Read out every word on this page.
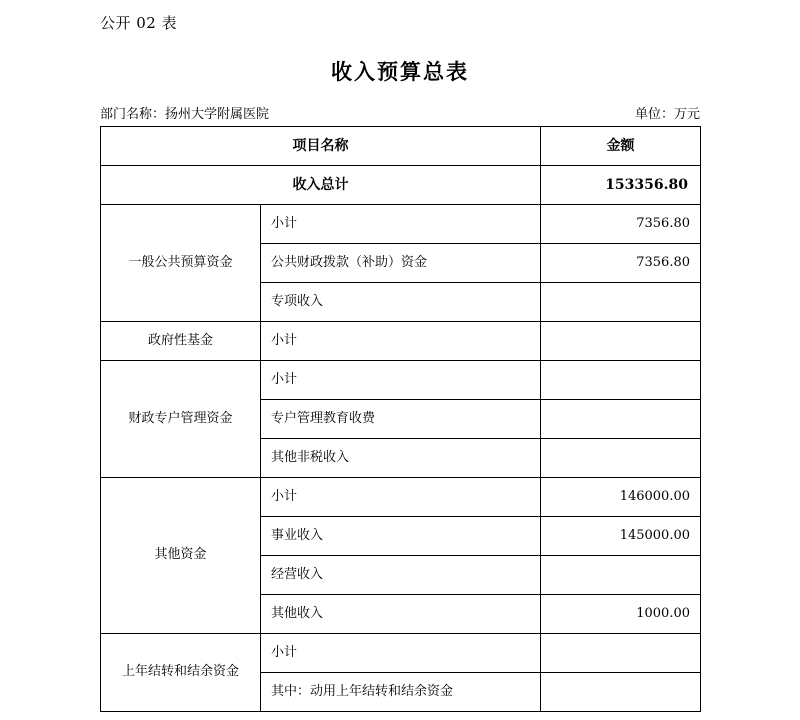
公开 02 表
收入预算总表
部门名称：扬州大学附属医院	单位：万元
项目名称		金额
收入总计		153356.80
一般公共预算资金	小计	7356.80
	公共财政拨款（补助）资金	7356.80
	专项收入	
政府性基金	小计	
财政专户管理资金	小计	
	专户管理教育收费	
	其他非税收入	
其他资金	小计	146000.00
	事业收入	145000.00
	经营收入	
	其他收入	1000.00
上年结转和结余资金	小计	
	其中：动用上年结转和结余资金	
